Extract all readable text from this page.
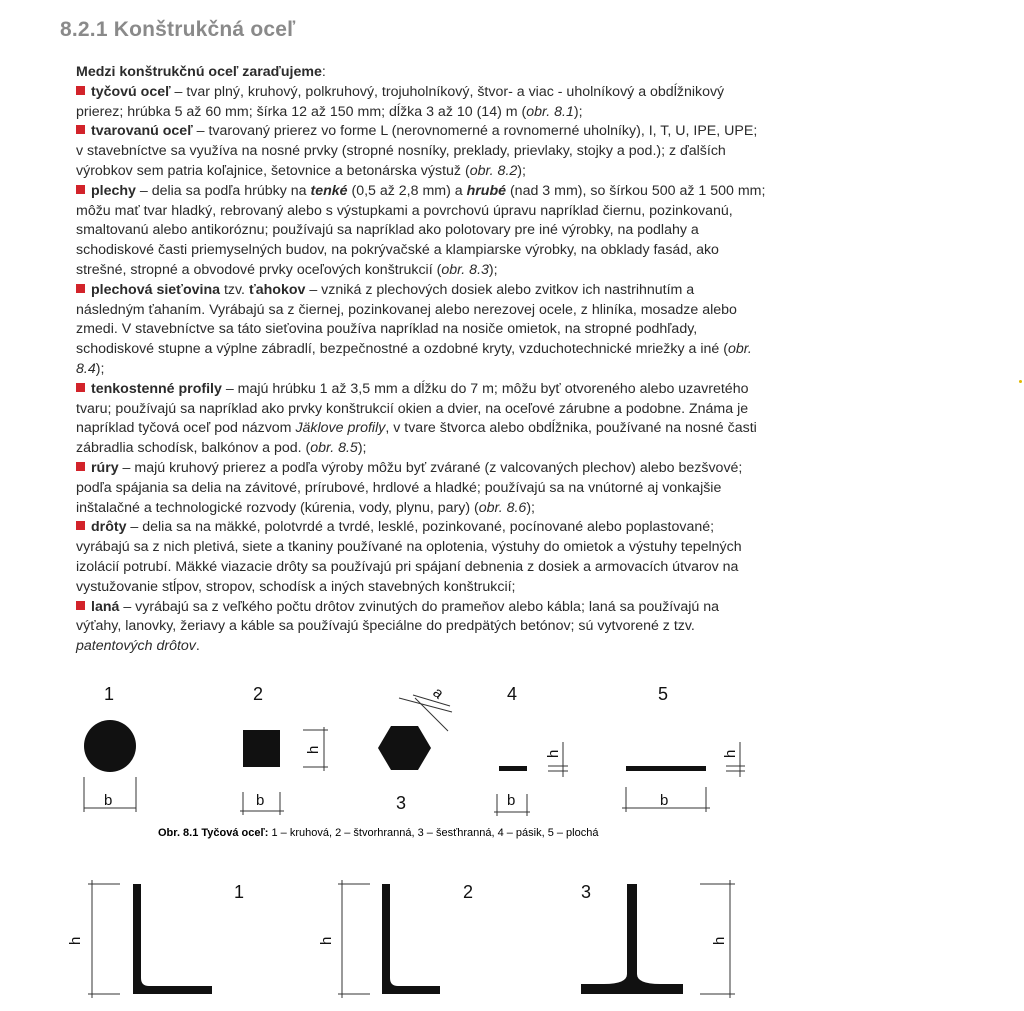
8.2.1 Konštrukčná oceľ

Medzi konštrukčnú oceľ zaraďujeme:

tyčovú oceľ – tvar plný, kruhový, polkruhový, trojuholníkový, štvor- a viac - uholníkový a obdĺžnikový prierez; hrúbka 5 až 60 mm; šírka 12 až 150 mm; dĺžka 3 až 10 (14) m (obr. 8.1);

tvarovanú oceľ – tvarovaný prierez vo forme L (nerovnomerné a rovnomerné uholníky), I, T, U, IPE, UPE; v stavebníctve sa využíva na nosné prvky (stropné nosníky, preklady, prievlaky, stojky a pod.); z ďalších výrobkov sem patria koľajnice, šetovnice a betonárska výstuž (obr. 8.2);

plechy – delia sa podľa hrúbky na tenké (0,5 až 2,8 mm) a hrubé (nad 3 mm), so šírkou 500 až 1 500 mm; môžu mať tvar hladký, rebrovaný alebo s výstupkami a povrchovú úpravu napríklad čiernu, pozinkovanú, smaltovanú alebo antikoróznu; používajú sa napríklad ako polotovary pre iné výrobky, na podlahy a schodiskové časti priemyselných budov, na pokrývačské a klampiarske výrobky, na obklady fasád, ako strešné, stropné a obvodové prvky oceľových konštrukcií (obr. 8.3);

plechová sieťovina tzv. ťahokov – vzniká z plechových dosiek alebo zvitkov ich nastrihnutím a následným ťahaním. Vyrábajú sa z čiernej, pozinkovanej alebo nerezovej ocele, z hliníka, mosadze alebo zmedi. V stavebníctve sa táto sieťovina používa napríklad na nosiče omietok, na stropné podhľady, schodiskové stupne a výplne zábradlí, bezpečnostné a ozdobné kryty, vzduchotechnické mriežky a iné (obr. 8.4);

tenkostenné profily – majú hrúbku 1 až 3,5 mm a dĺžku do 7 m; môžu byť otvoreného alebo uzavretého tvaru; používajú sa napríklad ako prvky konštrukcií okien a dvier, na oceľové zárubne a podobne. Známa je napríklad tyčová oceľ pod názvom Jäklove profily, v tvare štvorca alebo obdĺžnika, používané na nosné časti zábradlia schodísk, balkónov a pod. (obr. 8.5);

rúry – majú kruhový prierez a podľa výroby môžu byť zvárané (z valcovaných plechov) alebo bezšvové; podľa spájania sa delia na závitové, prírubové, hrdlové a hladké; používajú sa na vnútorné aj vonkajšie inštalačné a technologické rozvody (kúrenia, vody, plynu, pary) (obr. 8.6);

drôty – delia sa na mäkké, polotvrdé a tvrdé, lesklé, pozinkované, pocínované alebo poplastované; vyrábajú sa z nich pletivá, siete a tkaniny používané na oplotenia, výstuhy do omietok a výstuhy tepelných izolácií potrubí. Mäkké viazacie drôty sa používajú pri spájaní debnenia z dosiek a armovacích útvarov na vystužovanie stĺpov, stropov, schodísk a iných stavebných konštrukcií;

laná – vyrábajú sa z veľkého počtu drôtov zvinutých do prameňov alebo kábla; laná sa používajú na výťahy, lanovky, žeriavy a káble sa používajú špeciálne do predpätých betónov; sú vytvorené z tzv. patentových drôtov.

1	2
3
4	5
b	b
h
a
b
h
b
h
Obr. 8.1 Tyčová oceľ: 1 – kruhová, 2 – štvorhranná, 3 – šesťhranná, 4 – pásik, 5 – plochá
1	2	3
h	h	h
